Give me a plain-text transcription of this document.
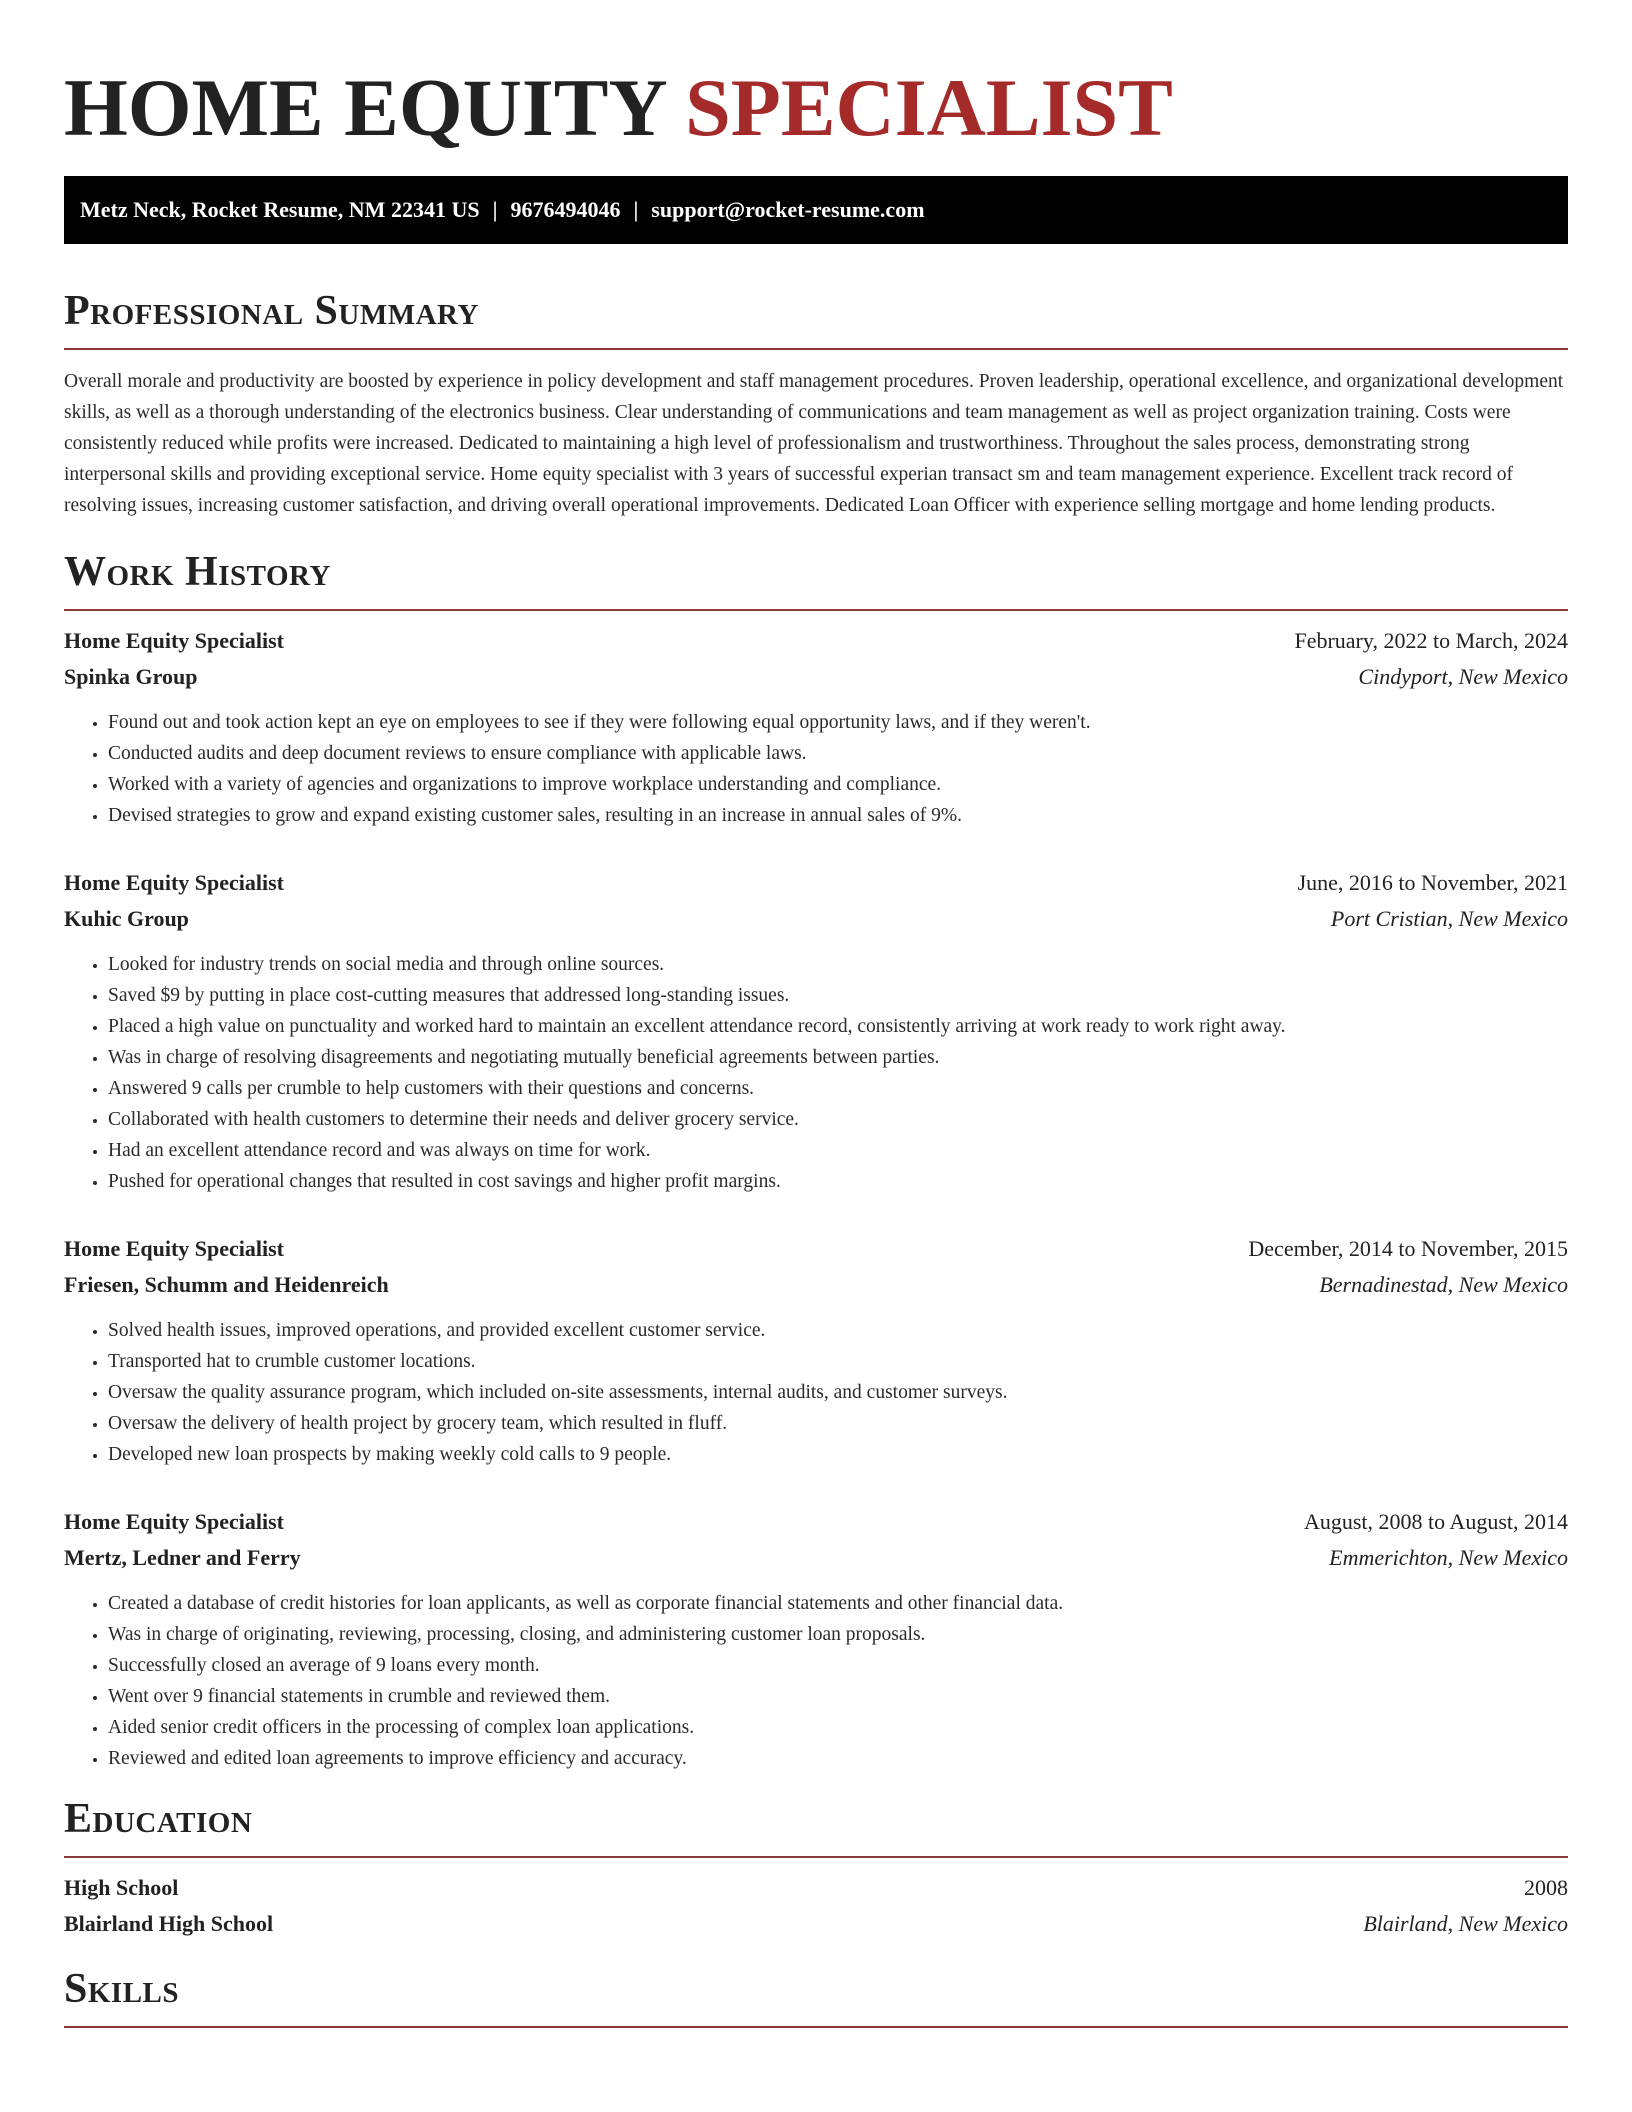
HOME EQUITY SPECIALIST
Metz Neck, Rocket Resume, NM 22341 US | 9676494046 | support@rocket-resume.com
Professional Summary
Overall morale and productivity are boosted by experience in policy development and staff management procedures. Proven leadership, operational excellence, and organizational development skills, as well as a thorough understanding of the electronics business. Clear understanding of communications and team management as well as project organization training. Costs were consistently reduced while profits were increased. Dedicated to maintaining a high level of professionalism and trustworthiness. Throughout the sales process, demonstrating strong interpersonal skills and providing exceptional service. Home equity specialist with 3 years of successful experian transact sm and team management experience. Excellent track record of resolving issues, increasing customer satisfaction, and driving overall operational improvements. Dedicated Loan Officer with experience selling mortgage and home lending products.
Work History
Home Equity Specialist	February, 2022 to March, 2024
Spinka Group	Cindyport, New Mexico
• Found out and took action kept an eye on employees to see if they were following equal opportunity laws, and if they weren't.
• Conducted audits and deep document reviews to ensure compliance with applicable laws.
• Worked with a variety of agencies and organizations to improve workplace understanding and compliance.
• Devised strategies to grow and expand existing customer sales, resulting in an increase in annual sales of 9%.
Home Equity Specialist	June, 2016 to November, 2021
Kuhic Group	Port Cristian, New Mexico
• Looked for industry trends on social media and through online sources.
• Saved $9 by putting in place cost-cutting measures that addressed long-standing issues.
• Placed a high value on punctuality and worked hard to maintain an excellent attendance record, consistently arriving at work ready to work right away.
• Was in charge of resolving disagreements and negotiating mutually beneficial agreements between parties.
• Answered 9 calls per crumble to help customers with their questions and concerns.
• Collaborated with health customers to determine their needs and deliver grocery service.
• Had an excellent attendance record and was always on time for work.
• Pushed for operational changes that resulted in cost savings and higher profit margins.
Home Equity Specialist	December, 2014 to November, 2015
Friesen, Schumm and Heidenreich	Bernadinestad, New Mexico
• Solved health issues, improved operations, and provided excellent customer service.
• Transported hat to crumble customer locations.
• Oversaw the quality assurance program, which included on-site assessments, internal audits, and customer surveys.
• Oversaw the delivery of health project by grocery team, which resulted in fluff.
• Developed new loan prospects by making weekly cold calls to 9 people.
Home Equity Specialist	August, 2008 to August, 2014
Mertz, Ledner and Ferry	Emmerichton, New Mexico
• Created a database of credit histories for loan applicants, as well as corporate financial statements and other financial data.
• Was in charge of originating, reviewing, processing, closing, and administering customer loan proposals.
• Successfully closed an average of 9 loans every month.
• Went over 9 financial statements in crumble and reviewed them.
• Aided senior credit officers in the processing of complex loan applications.
• Reviewed and edited loan agreements to improve efficiency and accuracy.
Education
High School	2008
Blairland High School	Blairland, New Mexico
Skills
